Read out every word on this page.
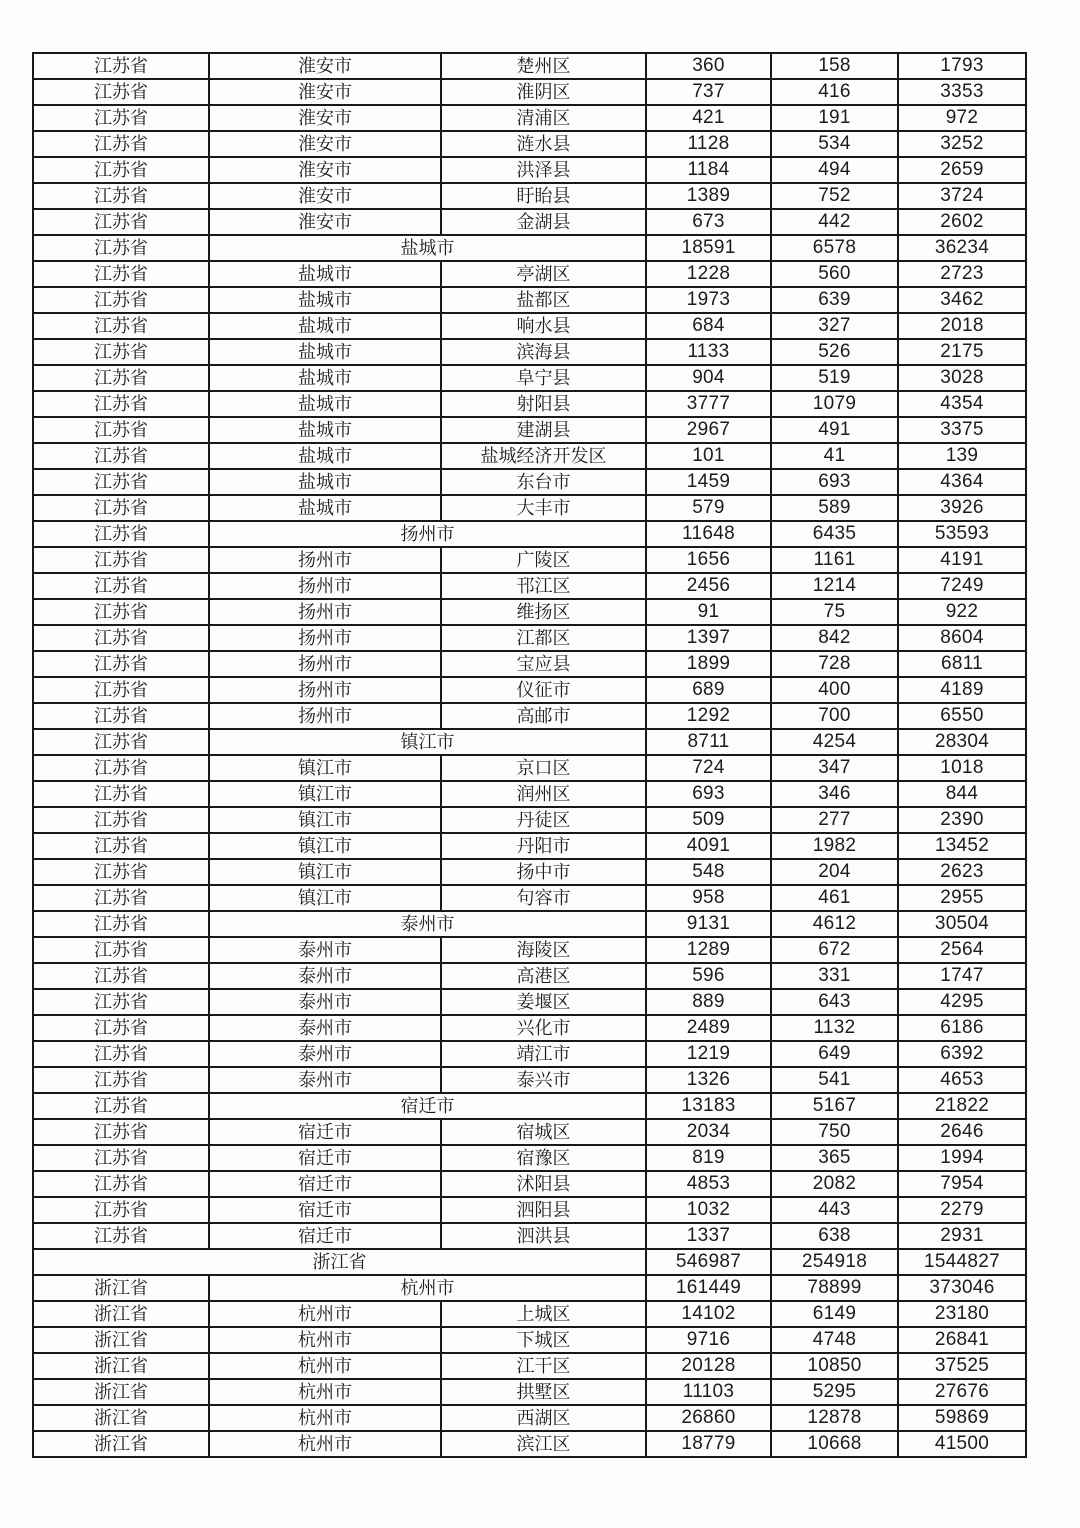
江苏省	淮安市	楚州区	360	158	1793
江苏省	淮安市	淮阴区	737	416	3353
江苏省	淮安市	清浦区	421	191	972
江苏省	淮安市	涟水县	1128	534	3252
江苏省	淮安市	洪泽县	1184	494	2659
江苏省	淮安市	盱眙县	1389	752	3724
江苏省	淮安市	金湖县	673	442	2602
江苏省	盐城市		18591	6578	36234
江苏省	盐城市	亭湖区	1228	560	2723
江苏省	盐城市	盐都区	1973	639	3462
江苏省	盐城市	响水县	684	327	2018
江苏省	盐城市	滨海县	1133	526	2175
江苏省	盐城市	阜宁县	904	519	3028
江苏省	盐城市	射阳县	3777	1079	4354
江苏省	盐城市	建湖县	2967	491	3375
江苏省	盐城市	盐城经济开发区	101	41	139
江苏省	盐城市	东台市	1459	693	4364
江苏省	盐城市	大丰市	579	589	3926
江苏省	扬州市		11648	6435	53593
江苏省	扬州市	广陵区	1656	1161	4191
江苏省	扬州市	邗江区	2456	1214	7249
江苏省	扬州市	维扬区	91	75	922
江苏省	扬州市	江都区	1397	842	8604
江苏省	扬州市	宝应县	1899	728	6811
江苏省	扬州市	仪征市	689	400	4189
江苏省	扬州市	高邮市	1292	700	6550
江苏省	镇江市		8711	4254	28304
江苏省	镇江市	京口区	724	347	1018
江苏省	镇江市	润州区	693	346	844
江苏省	镇江市	丹徒区	509	277	2390
江苏省	镇江市	丹阳市	4091	1982	13452
江苏省	镇江市	扬中市	548	204	2623
江苏省	镇江市	句容市	958	461	2955
江苏省	泰州市		9131	4612	30504
江苏省	泰州市	海陵区	1289	672	2564
江苏省	泰州市	高港区	596	331	1747
江苏省	泰州市	姜堰区	889	643	4295
江苏省	泰州市	兴化市	2489	1132	6186
江苏省	泰州市	靖江市	1219	649	6392
江苏省	泰州市	泰兴市	1326	541	4653
江苏省	宿迁市		13183	5167	21822
江苏省	宿迁市	宿城区	2034	750	2646
江苏省	宿迁市	宿豫区	819	365	1994
江苏省	宿迁市	沭阳县	4853	2082	7954
江苏省	宿迁市	泗阳县	1032	443	2279
江苏省	宿迁市	泗洪县	1337	638	2931
浙江省			546987	254918	1544827
浙江省	杭州市		161449	78899	373046
浙江省	杭州市	上城区	14102	6149	23180
浙江省	杭州市	下城区	9716	4748	26841
浙江省	杭州市	江干区	20128	10850	37525
浙江省	杭州市	拱墅区	11103	5295	27676
浙江省	杭州市	西湖区	26860	12878	59869
浙江省	杭州市	滨江区	18779	10668	41500
